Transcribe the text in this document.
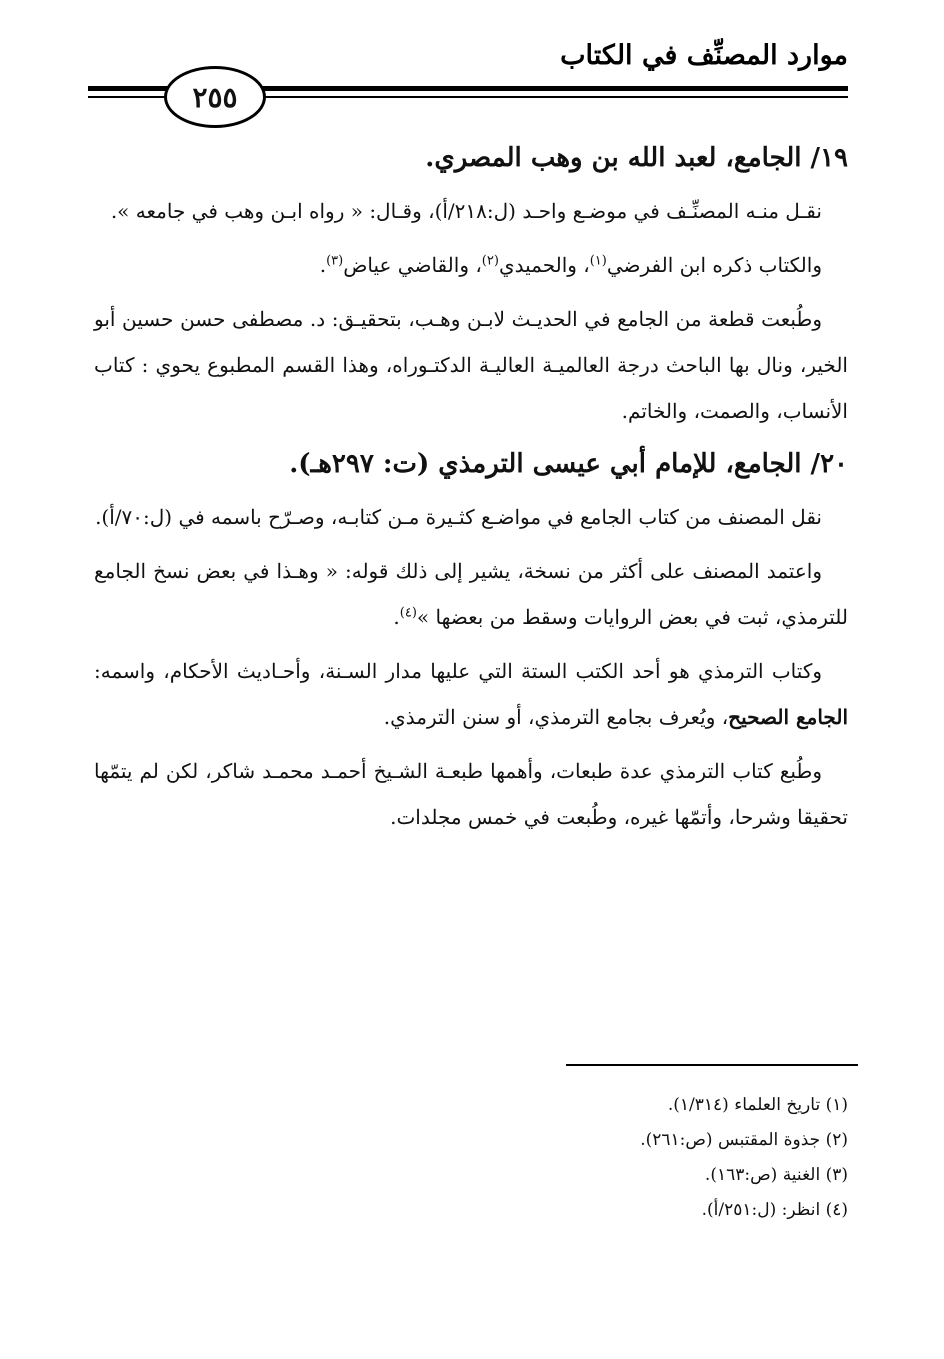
موارد المصنِّف في الكتاب
٢٥٥
١٩/ الجامع، لعبد الله بن وهب المصري.

نقـل منـه المصنِّـف في موضـع واحـد (ل:٢١٨/أ)، وقـال: « رواه ابـن وهب في جامعه ».

والكتاب ذكره ابن الفرضي$^{(١)}$، والحميدي$^{(٢)}$، والقاضي عياض$^{(٣)}$.

وطُبعت قطعة من الجامع في الحديـث لابـن وهـب، بتحقيـق: د. مصطفى حسن حسين أبو الخير، ونال بها الباحث درجة العالميـة العاليـة الدكتـوراه، وهذا القسم المطبوع يحوي : كتاب الأنساب، والصمت، والخاتم.

٢٠/ الجامع، للإمام أبي عيسى الترمذي (ت: ٢٩٧هـ).

نقل المصنف من كتاب الجامع في مواضـع كثـيرة مـن كتابـه، وصـرّح باسمه في (ل:٧٠/أ).

واعتمد المصنف على أكثر من نسخة، يشير إلى ذلك قوله: « وهـذا في بعض نسخ الجامع للترمذي، ثبت في بعض الروايات وسقط من بعضها »$^{(٤)}$.

وكتاب الترمذي هو أحد الكتب الستة التي عليها مدار السـنة، وأحـاديث الأحكام، واسمه: الجامع الصحيح، ويُعرف بجامع الترمذي، أو سنن الترمذي.

وطُبع كتاب الترمذي عدة طبعات، وأهمها طبعـة الشـيخ أحمـد محمـد شاكر، لكن لم يتمّها تحقيقا وشرحا، وأتمّها غيره، وطُبعت في خمس مجلدات.

(١) تاريخ العلماء (١/٣١٤).
(٢) جذوة المقتبس (ص:٢٦١).
(٣) الغنية (ص:١٦٣).
(٤) انظر: (ل:٢٥١/أ).
